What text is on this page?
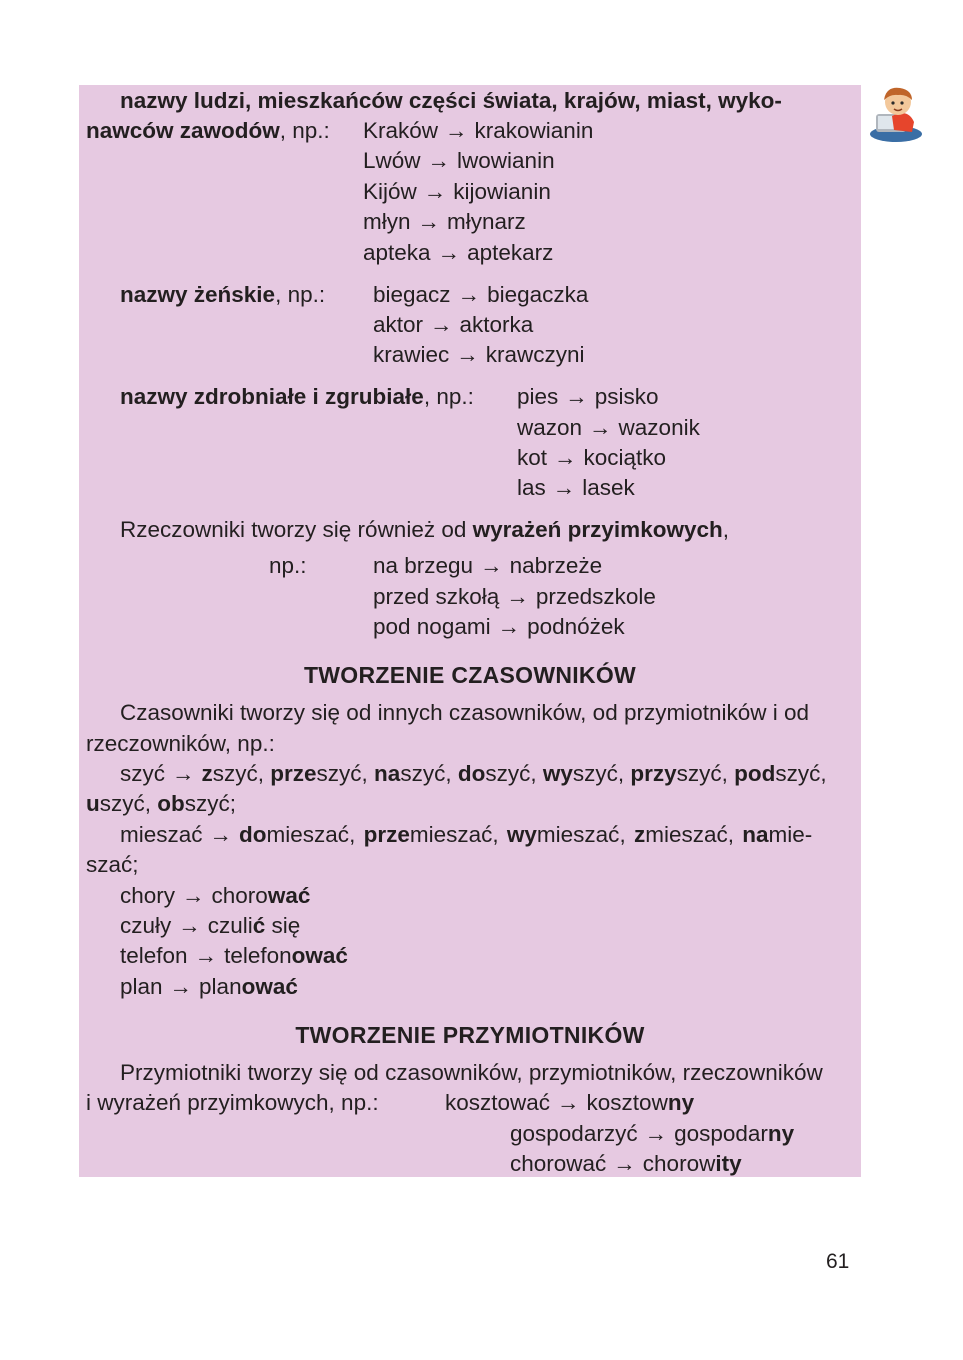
nazwy ludzi, mieszkańców części świata, krajów, miast, wyko-
nawców zawodów, np.: Kraków → krakowianin
Lwów → lwowianin
Kijów → kijowianin
młyn → młynarz
apteka → aptekarz
nazwy żeńskie, np.: biegacz → biegaczka
aktor → aktorka
krawiec → krawczyni
nazwy zdrobniałe i zgrubiałe, np.: pies → psisko
wazon → wazonik
kot → kociątko
las → lasek
Rzeczowniki tworzy się również od wyrażeń przyimkowych,
np.:	na brzegu → nabrzeże
przed szkołą → przedszkole
pod nogami → podnóżek
TWORZENIE CZASOWNIKÓW
Czasowniki tworzy się od innych czasowników, od przymiotników i od
rzeczowników, np.:
szyć → zszyć, przeszyć, naszyć, doszyć, wyszyć, przyszyć, podszyć,
uszyć, obszyć;
mieszać → domieszać, przemieszać, wymieszać, zmieszać, namie-
szać;
chory → chorować
czuły → czulić się
telefon → telefonować
plan → planować
TWORZENIE PRZYMIOTNIKÓW
Przymiotniki tworzy się od czasowników, przymiotników, rzeczowników
i wyrażeń przyimkowych, np.:	kosztować → kosztowny
gospodarzyć → gospodarny
chorować → chorowity
61
